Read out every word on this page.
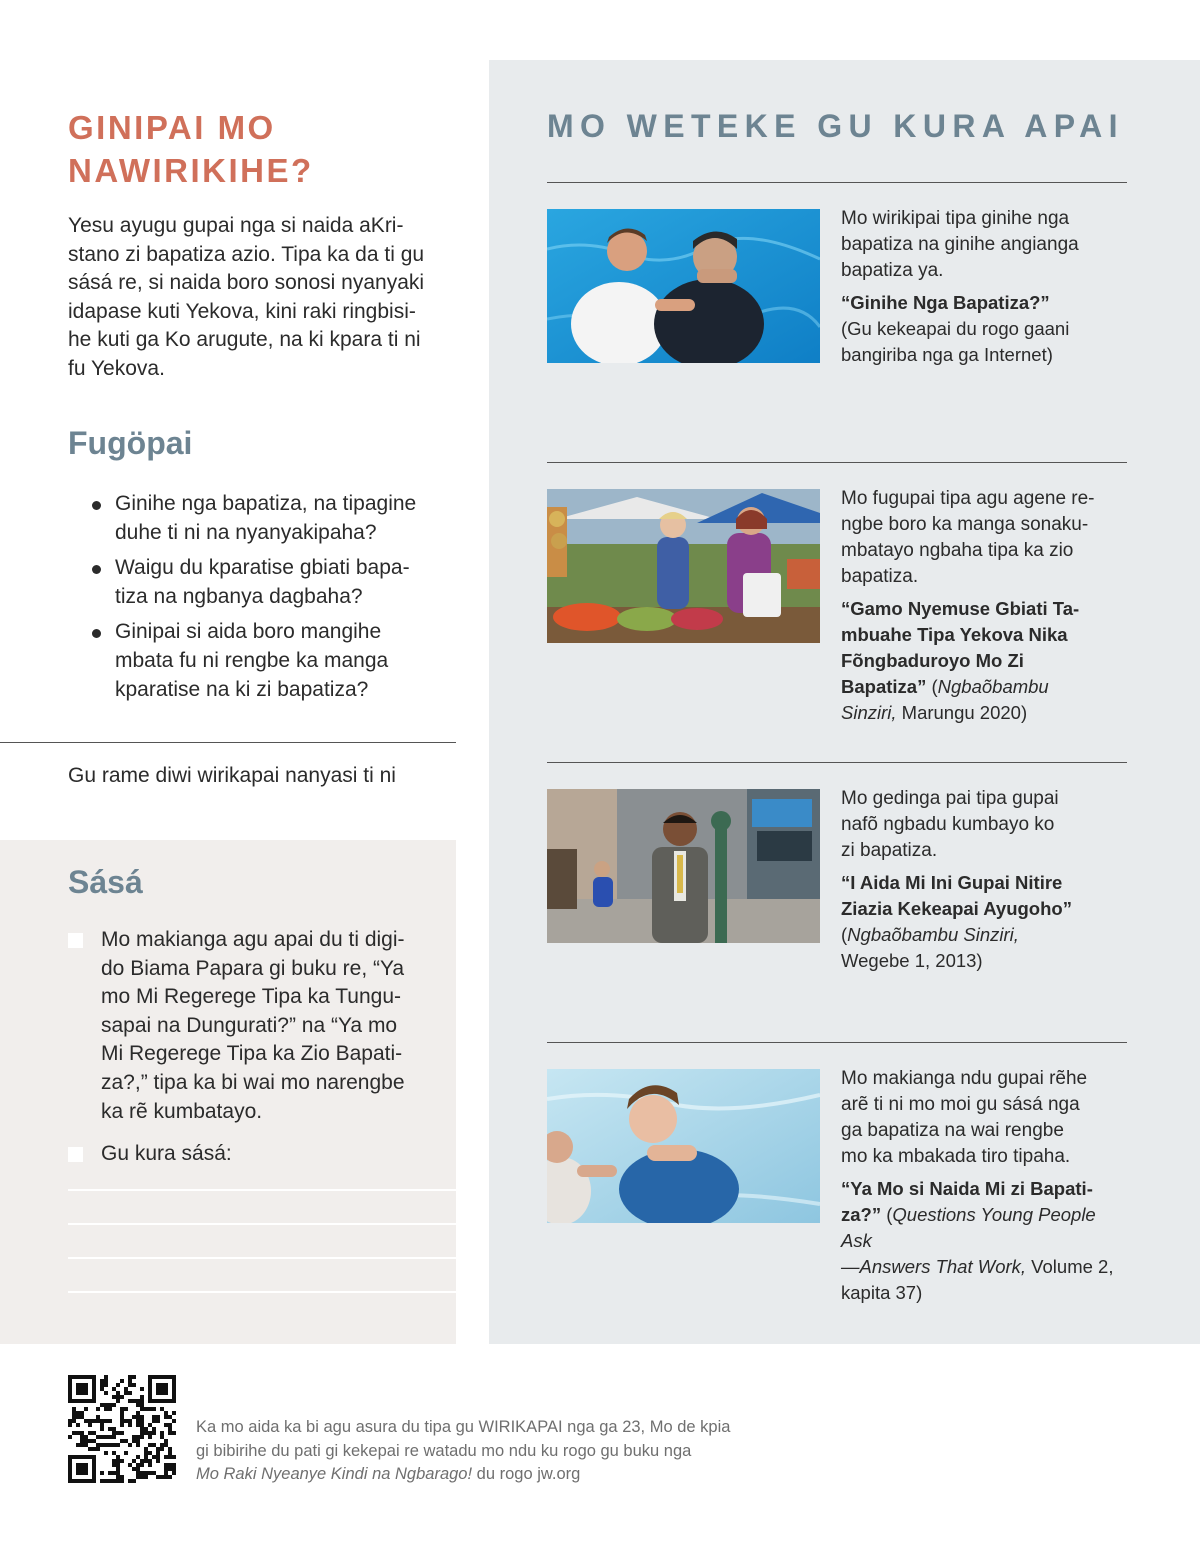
GINIPAI MO
NAWIRIKIHE?

Yesu ayugu gupai nga si naida aKri-
stano zi bapatiza azio. Tipa ka da ti gu
sásá re, si naida boro sonosi nyanyaki
idapase kuti Yekova, kini raki ringbisi-
he kuti ga Ko arugute, na ki kpara ti ni
fu Yekova.

Fugöpai
Ginihe nga bapatiza, na tipagine
duhe ti ni na nyanyakipaha?
Waigu du kparatise gbiati bapa-
tiza na ngbanya dagbaha?
Ginipai si aida boro mangihe
mbata fu ni rengbe ka manga
kparatise na ki zi bapatiza?

Gu rame diwi wirikapai nanyasi ti ni

Sásá
Mo makianga agu apai du ti digi-
do Biama Papara gi buku re, “Ya
mo Mi Regerege Tipa ka Tungu-
sapai na Dungurati?” na “Ya mo
Mi Regerege Tipa ka Zio Bapati-
za?,” tipa ka bi wai mo narengbe
ka rẽ kumbatayo.
Gu kura sásá:
MO WETEKE GU KURA APAI

Mo wirikipai tipa ginihe nga
bapatiza na ginihe angianga
bapatiza ya.

“Ginihe Nga Bapatiza?”
(Gu kekeapai du rogo gaani
bangiriba nga ga Internet)

Mo fugupai tipa agu agene re-
ngbe boro ka manga sonaku-
mbatayo ngbaha tipa ka zio
bapatiza.

“Gamo Nyemuse Gbiati Ta-
mbuahe Tipa Yekova Nika
Fõngbaduroyo Mo Zi
Bapatiza” (Ngbaõbambu
Sinziri, Marungu 2020)

Mo gedinga pai tipa gupai
nafõ ngbadu kumbayo ko
zi bapatiza.

“I Aida Mi Ini Gupai Nitire
Ziazia Kekeapai Ayugoho”
(Ngbaõbambu Sinziri,
Wegebe 1, 2013)

Mo makianga ndu gupai rẽhe
arẽ ti ni mo moi gu sásá nga
ga bapatiza na wai rengbe
mo ka mbakada tiro tipaha.

“Ya Mo si Naida Mi zi Bapati-
za?” (Questions Young People Ask
—Answers That Work, Volume 2,
kapita 37)

Ka mo aida ka bi agu asura du tipa gu WIRIKAPAI nga ga 23, Mo de kpia
gi bibirihe du pati gi kekepai re watadu mo ndu ku rogo gu buku nga
Mo Raki Nyeanye Kindi na Ngbarago! du rogo jw.org
